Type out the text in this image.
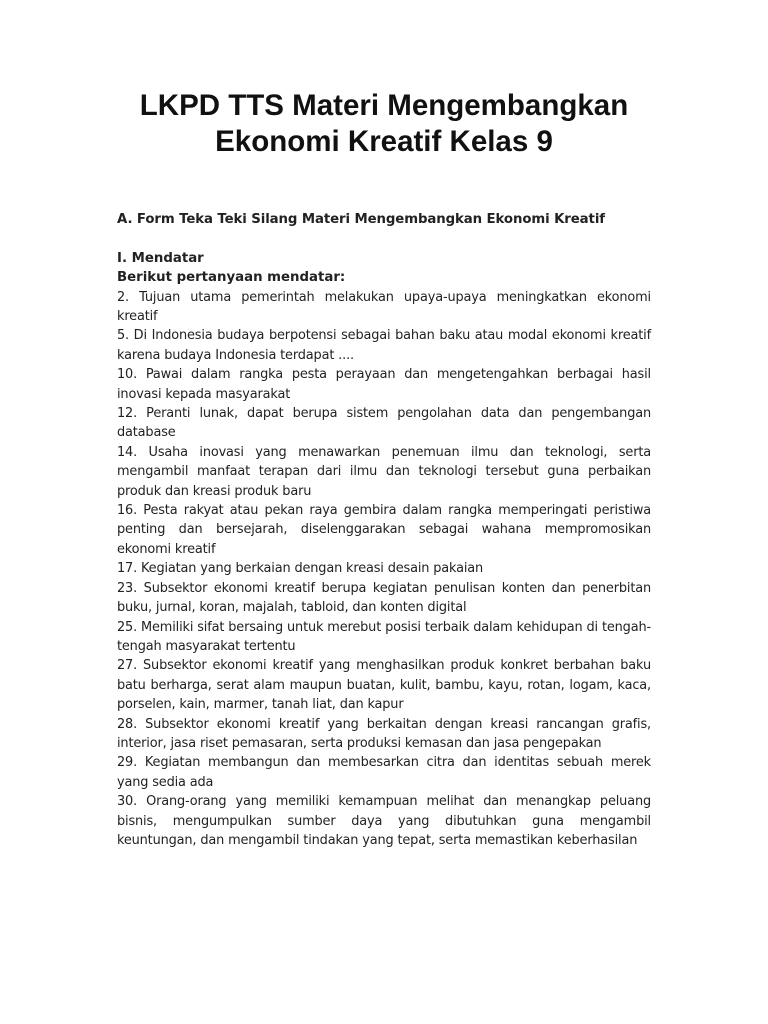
LKPD TTS Materi Mengembangkan
Ekonomi Kreatif Kelas 9

A. Form Teka Teki Silang Materi Mengembangkan Ekonomi Kreatif

I. Mendatar

Berikut pertanyaan mendatar:

2. Tujuan utama pemerintah melakukan upaya-upaya meningkatkan ekonomi kreatif
5. Di Indonesia budaya berpotensi sebagai bahan baku atau modal ekonomi kreatif karena budaya Indonesia terdapat ....
10. Pawai dalam rangka pesta perayaan dan mengetengahkan berbagai hasil inovasi kepada masyarakat
12. Peranti lunak, dapat berupa sistem pengolahan data dan pengembangan database
14. Usaha inovasi yang menawarkan penemuan ilmu dan teknologi, serta mengambil manfaat terapan dari ilmu dan teknologi tersebut guna perbaikan produk dan kreasi produk baru
16. Pesta rakyat atau pekan raya gembira dalam rangka memperingati peristiwa penting dan bersejarah, diselenggarakan sebagai wahana mempromosikan ekonomi kreatif
17. Kegiatan yang berkaian dengan kreasi desain pakaian
23. Subsektor ekonomi kreatif berupa kegiatan penulisan konten dan penerbitan buku, jurnal, koran, majalah, tabloid, dan konten digital
25. Memiliki sifat bersaing untuk merebut posisi terbaik dalam kehidupan di tengah-tengah masyarakat tertentu
27. Subsektor ekonomi kreatif yang menghasilkan produk konkret berbahan baku batu berharga, serat alam maupun buatan, kulit, bambu, kayu, rotan, logam, kaca, porselen, kain, marmer, tanah liat, dan kapur
28. Subsektor ekonomi kreatif yang berkaitan dengan kreasi rancangan grafis, interior, jasa riset pemasaran, serta produksi kemasan dan jasa pengepakan
29. Kegiatan membangun dan membesarkan citra dan identitas sebuah merek yang sedia ada
30. Orang-orang yang memiliki kemampuan melihat dan menangkap peluang bisnis, mengumpulkan sumber daya yang dibutuhkan guna mengambil keuntungan, dan mengambil tindakan yang tepat, serta memastikan keberhasilan
